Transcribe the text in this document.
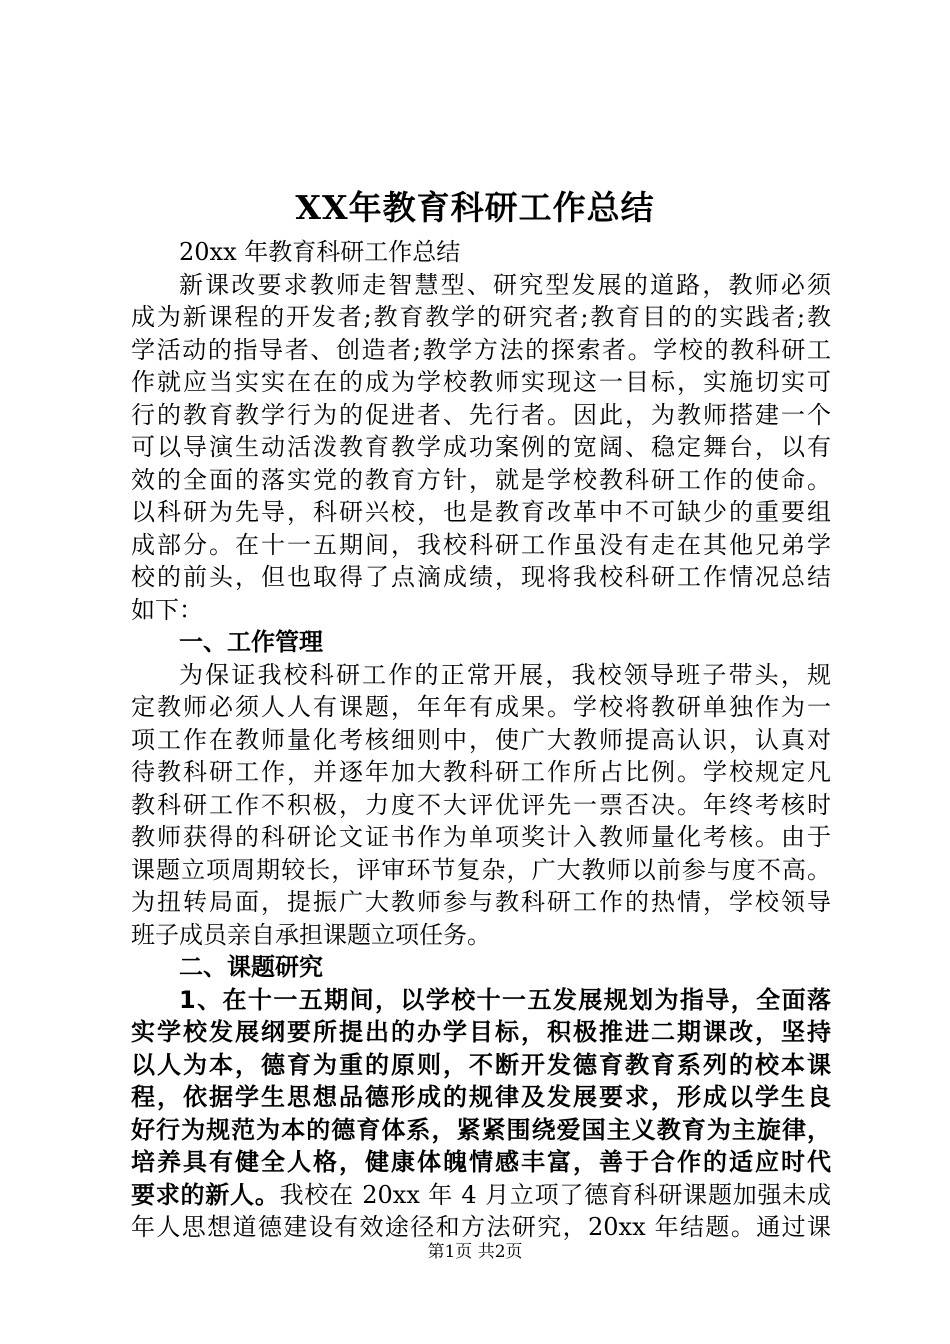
XX年教育科研工作总结
20xx 年教育科研工作总结
新课改要求教师走智慧型、研究型发展的道路，教师必须
成为新课程的开发者;教育教学的研究者;教育目的的实践者;教
学活动的指导者、创造者;教学方法的探索者。学校的教科研工
作就应当实实在在的成为学校教师实现这一目标，实施切实可
行的教育教学行为的促进者、先行者。因此，为教师搭建一个
可以导演生动活泼教育教学成功案例的宽阔、稳定舞台，以有
效的全面的落实党的教育方针，就是学校教科研工作的使命。
以科研为先导，科研兴校，也是教育改革中不可缺少的重要组
成部分。在十一五期间，我校科研工作虽没有走在其他兄弟学
校的前头，但也取得了点滴成绩，现将我校科研工作情况总结
如下：
一、工作管理
为保证我校科研工作的正常开展，我校领导班子带头，规
定教师必须人人有课题，年年有成果。学校将教研单独作为一
项工作在教师量化考核细则中，使广大教师提高认识，认真对
待教科研工作，并逐年加大教科研工作所占比例。学校规定凡
教科研工作不积极，力度不大评优评先一票否决。年终考核时
教师获得的科研论文证书作为单项奖计入教师量化考核。由于
课题立项周期较长，评审环节复杂，广大教师以前参与度不高。
为扭转局面，提振广大教师参与教科研工作的热情，学校领导
班子成员亲自承担课题立项任务。
二、课题研究
1、在十一五期间，以学校十一五发展规划为指导，全面落
实学校发展纲要所提出的办学目标，积极推进二期课改，坚持
以人为本，德育为重的原则，不断开发德育教育系列的校本课
程，依据学生思想品德形成的规律及发展要求，形成以学生良
好行为规范为本的德育体系，紧紧围绕爱国主义教育为主旋律，
培养具有健全人格，健康体魄情感丰富，善于合作的适应时代
要求的新人。我校在 20xx 年 4 月立项了德育科研课题加强未成
年人思想道德建设有效途径和方法研究，20xx 年结题。通过课
第1页 共2页
